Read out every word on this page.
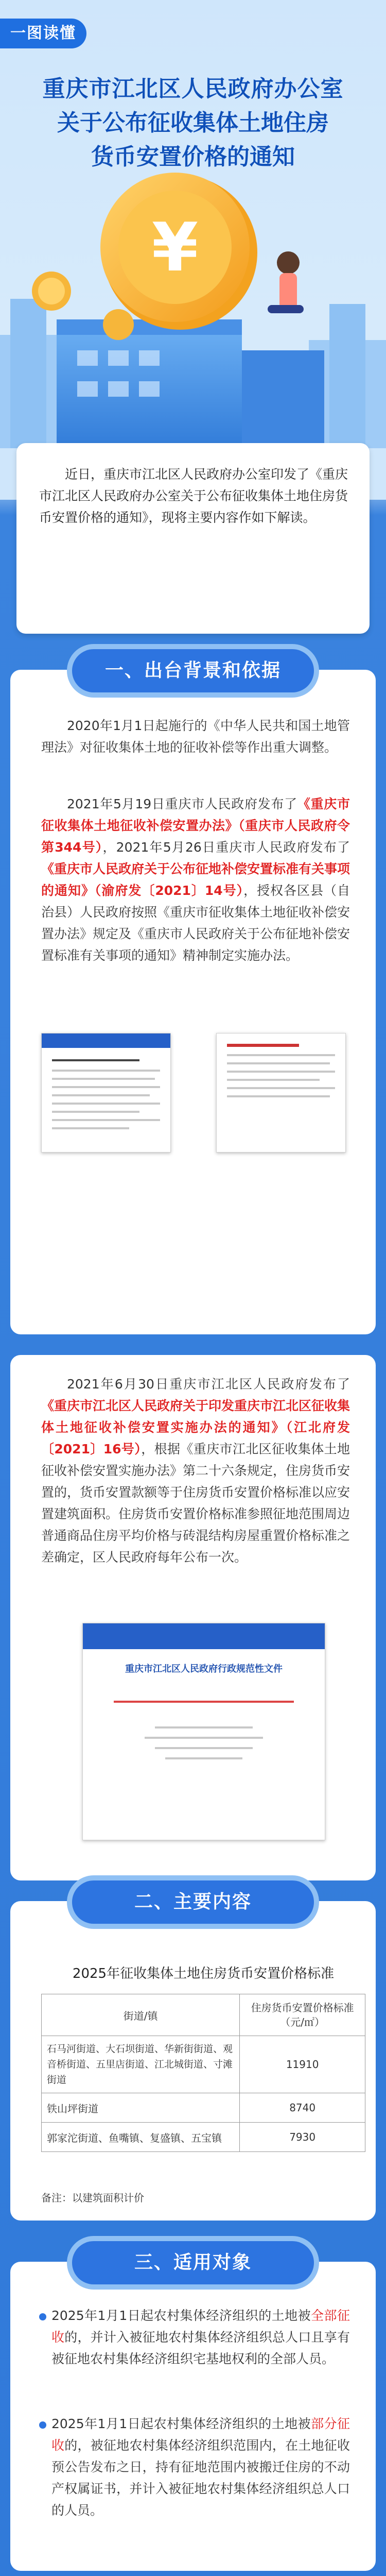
¥
一图读懂
重庆市江北区人民政府办公室
关于公布征收集体土地住房
货币安置价格的通知

近日，重庆市江北区人民政府办公室印发了《重庆市江北区人民政府办公室关于公布征收集体土地住房货币安置价格的通知》，现将主要内容作如下解读。

一、出台背景和依据

2020年1月1日起施行的《中华人民共和国土地管理法》对征收集体土地的征收补偿等作出重大调整。

2021年5月19日重庆市人民政府发布了《重庆市征收集体土地征收补偿安置办法》（重庆市人民政府令第344号），2021年5月26日重庆市人民政府发布了《重庆市人民政府关于公布征地补偿安置标准有关事项的通知》（渝府发〔2021〕14号），授权各区县（自治县）人民政府按照《重庆市征收集体土地征收补偿安置办法》规定及《重庆市人民政府关于公布征地补偿安置标准有关事项的通知》精神制定实施办法。

2021年6月30日重庆市江北区人民政府发布了《重庆市江北区人民政府关于印发重庆市江北区征收集体土地征收补偿安置实施办法的通知》（江北府发〔2021〕16号），根据《重庆市江北区征收集体土地征收补偿安置实施办法》第二十六条规定，住房货币安置的，货币安置款额等于住房货币安置价格标准以应安置建筑面积。住房货币安置价格标准参照征地范围周边普通商品住房平均价格与砖混结构房屋重置价格标准之差确定，区人民政府每年公布一次。

重庆市江北区人民政府行政规范性文件
二、主要内容
2025年征收集体土地住房货币安置价格标准
街道/镇	住房货币安置价格标准（元/㎡）
石马河街道、大石坝街道、华新街街道、观音桥街道、五里店街道、江北城街道、寸滩街道	11910
铁山坪街道	8740
郭家沱街道、鱼嘴镇、复盛镇、五宝镇	7930
备注：以建筑面积计价
三、适用对象

2025年1月1日起农村集体经济组织的土地被全部征收的，并计入被征地农村集体经济组织总人口且享有被征地农村集体经济组织宅基地权利的全部人员。

2025年1月1日起农村集体经济组织的土地被部分征收的，被征地农村集体经济组织范围内，在土地征收预公告发布之日，持有征地范围内被搬迁住房的不动产权属证书，并计入被征地农村集体经济组织总人口的人员。
